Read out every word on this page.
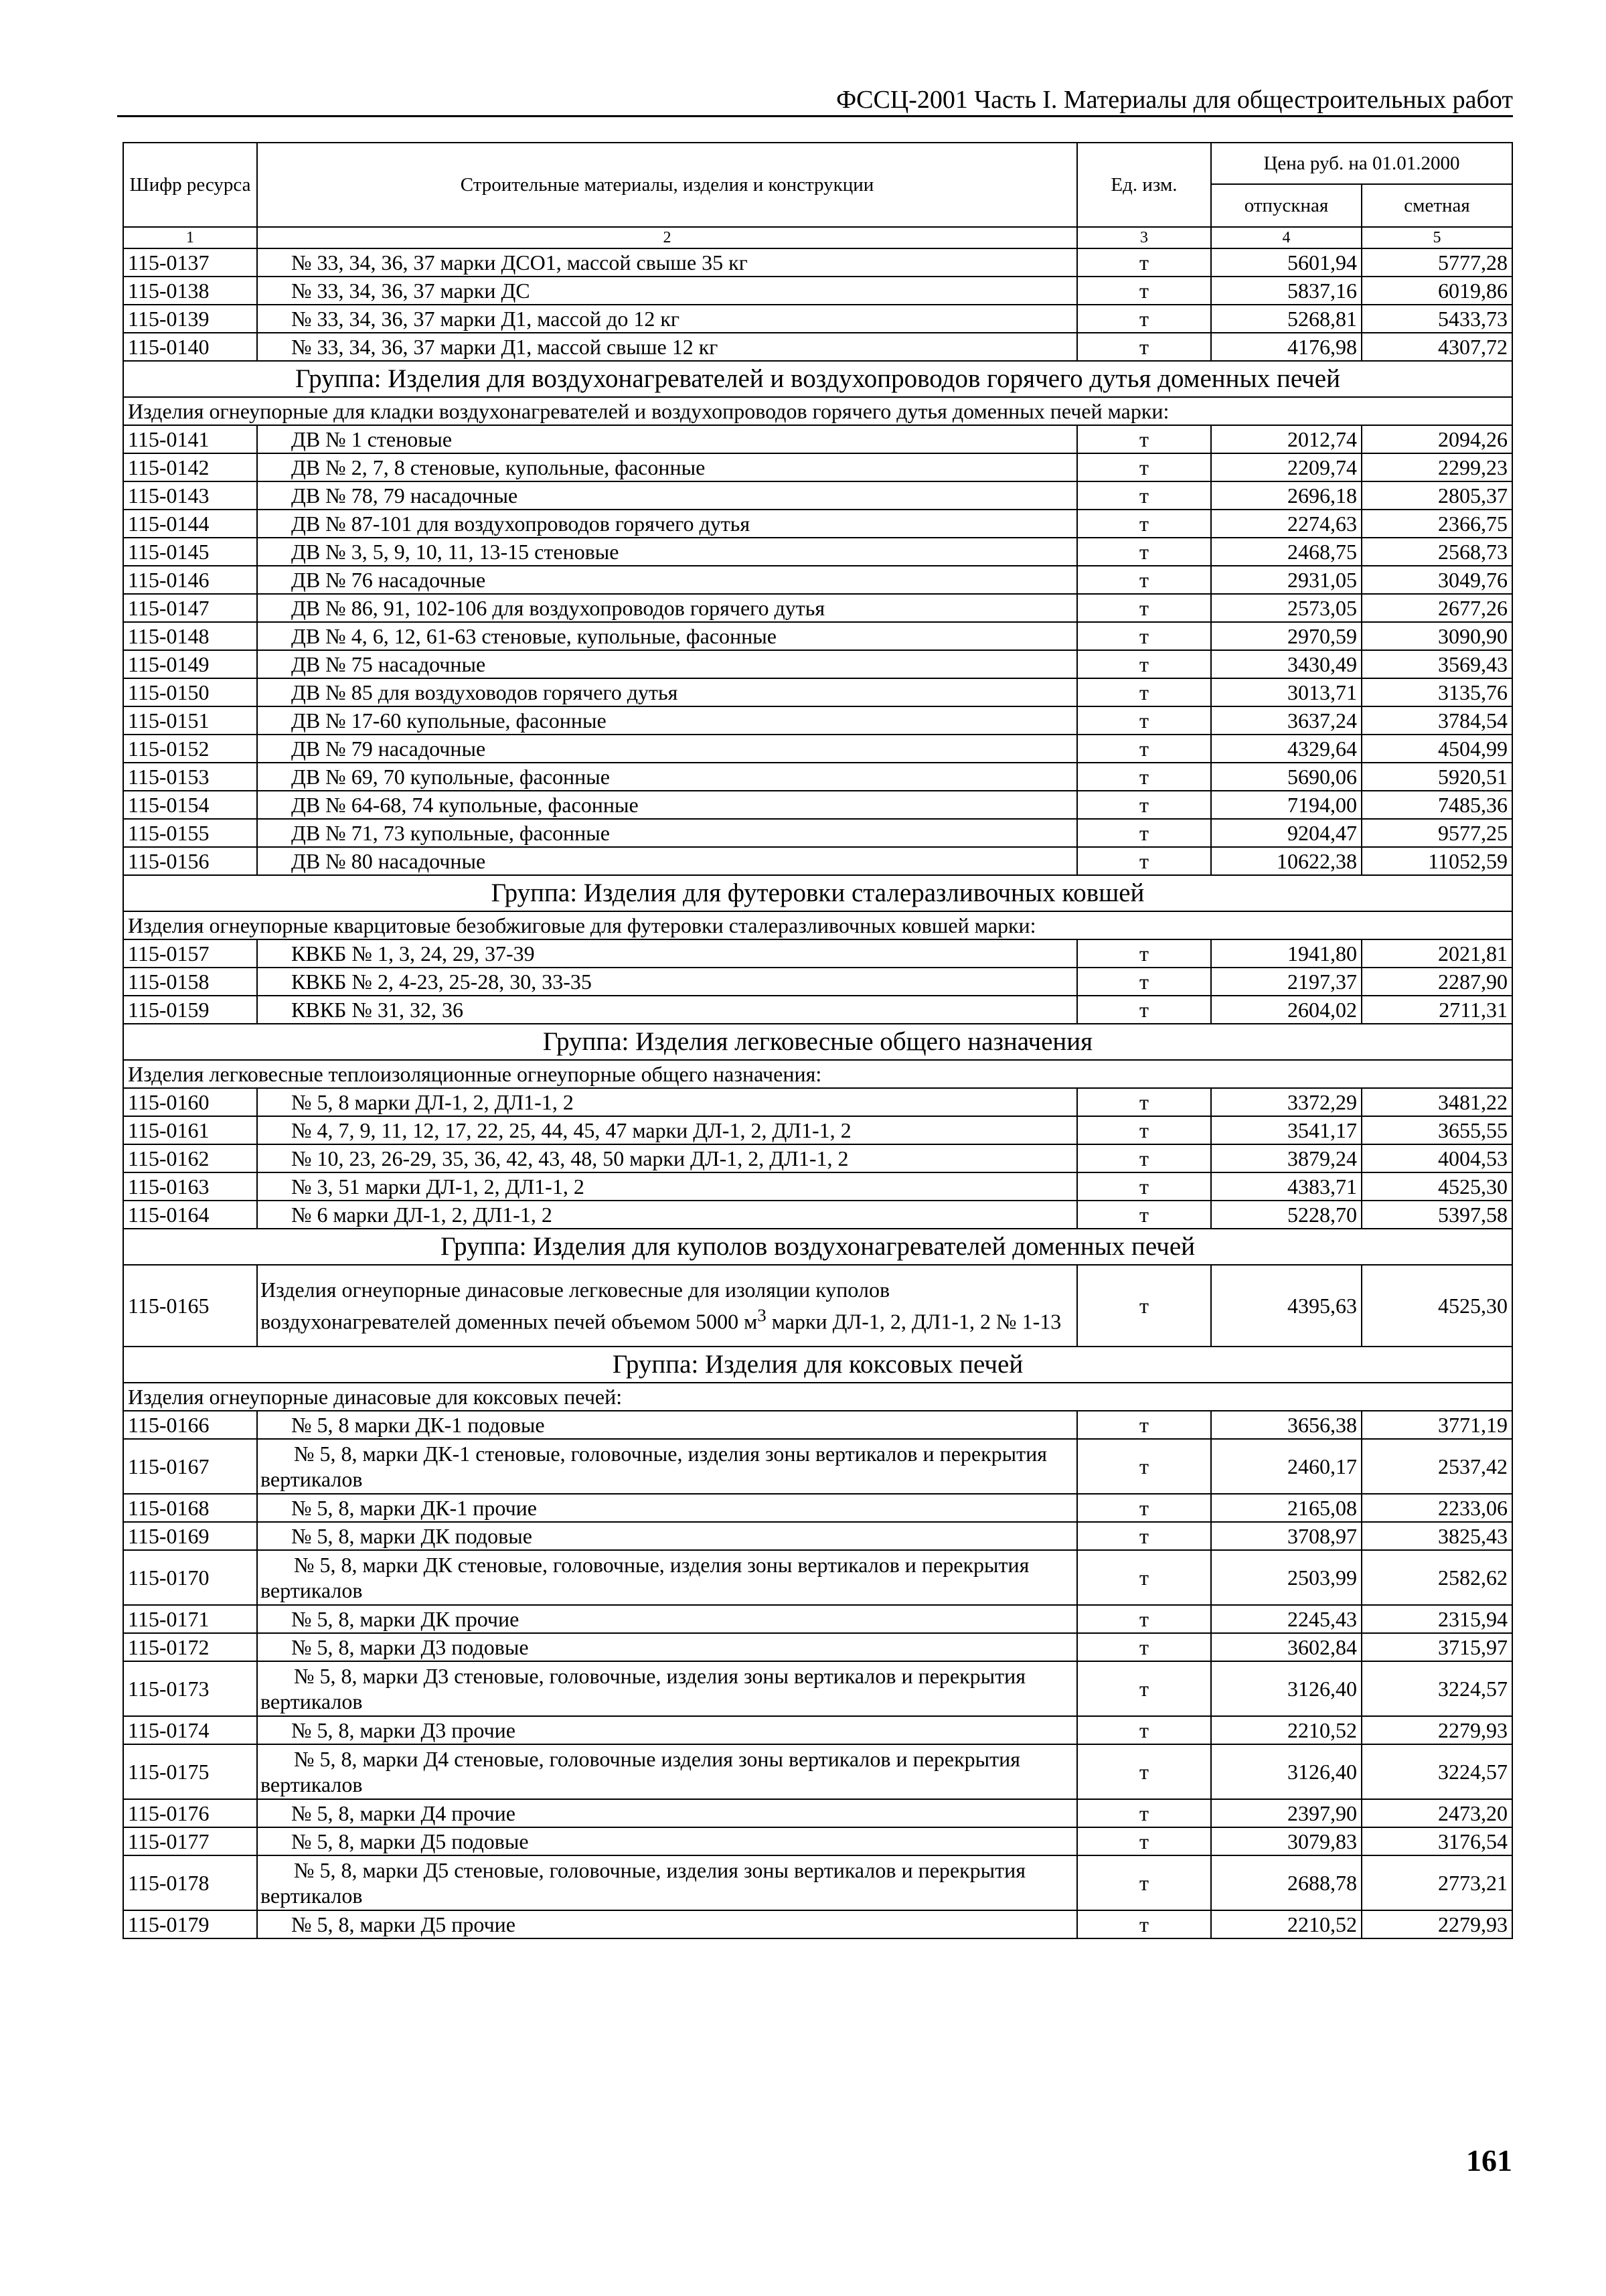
ФССЦ-2001 Часть I. Материалы для общестроительных работ
Шифр ресурса	Строительные материалы, изделия и конструкции	Ед. изм.	Цена руб. на 01.01.2000	
			отпускная	сметная
1	2	3	4	5
115-0137	№ 33, 34, 36, 37 марки ДСО1, массой свыше 35 кг	т	5601,94	5777,28
115-0138	№ 33, 34, 36, 37 марки ДС	т	5837,16	6019,86
115-0139	№ 33, 34, 36, 37 марки Д1, массой до 12 кг	т	5268,81	5433,73
115-0140	№ 33, 34, 36, 37 марки Д1, массой свыше 12 кг	т	4176,98	4307,72
Группа: Изделия для воздухонагревателей и воздухопроводов горячего дутья доменных печей				
Изделия огнеупорные для кладки воздухонагревателей и воздухопроводов горячего дутья доменных печей марки:				
115-0141	ДВ № 1 стеновые	т	2012,74	2094,26
115-0142	ДВ № 2, 7, 8 стеновые, купольные, фасонные	т	2209,74	2299,23
115-0143	ДВ № 78, 79 насадочные	т	2696,18	2805,37
115-0144	ДВ № 87-101 для воздухопроводов горячего дутья	т	2274,63	2366,75
115-0145	ДВ № 3, 5, 9, 10, 11, 13-15 стеновые	т	2468,75	2568,73
115-0146	ДВ № 76 насадочные	т	2931,05	3049,76
115-0147	ДВ № 86, 91, 102-106 для воздухопроводов горячего дутья	т	2573,05	2677,26
115-0148	ДВ № 4, 6, 12, 61-63 стеновые, купольные, фасонные	т	2970,59	3090,90
115-0149	ДВ № 75 насадочные	т	3430,49	3569,43
115-0150	ДВ № 85 для воздуховодов горячего дутья	т	3013,71	3135,76
115-0151	ДВ № 17-60 купольные, фасонные	т	3637,24	3784,54
115-0152	ДВ № 79 насадочные	т	4329,64	4504,99
115-0153	ДВ № 69, 70 купольные, фасонные	т	5690,06	5920,51
115-0154	ДВ № 64-68, 74 купольные, фасонные	т	7194,00	7485,36
115-0155	ДВ № 71, 73 купольные, фасонные	т	9204,47	9577,25
115-0156	ДВ № 80 насадочные	т	10622,38	11052,59
Группа: Изделия для футеровки сталеразливочных ковшей				
Изделия огнеупорные кварцитовые безобжиговые для футеровки сталеразливочных ковшей марки:				
115-0157	КВКБ № 1, 3, 24, 29, 37-39	т	1941,80	2021,81
115-0158	КВКБ № 2, 4-23, 25-28, 30, 33-35	т	2197,37	2287,90
115-0159	КВКБ № 31, 32, 36	т	2604,02	2711,31
Группа: Изделия легковесные общего назначения				
Изделия легковесные теплоизоляционные огнеупорные общего назначения:				
115-0160	№ 5, 8 марки ДЛ-1, 2, ДЛ1-1, 2	т	3372,29	3481,22
115-0161	№ 4, 7, 9, 11, 12, 17, 22, 25, 44, 45, 47 марки ДЛ-1, 2, ДЛ1-1, 2	т	3541,17	3655,55
115-0162	№ 10, 23, 26-29, 35, 36, 42, 43, 48, 50 марки ДЛ-1, 2, ДЛ1-1, 2	т	3879,24	4004,53
115-0163	№ 3, 51 марки ДЛ-1, 2, ДЛ1-1, 2	т	4383,71	4525,30
115-0164	№ 6 марки ДЛ-1, 2, ДЛ1-1, 2	т	5228,70	5397,58
Группа: Изделия для куполов воздухонагревателей доменных печей				
115-0165	Изделия огнеупорные динасовые легковесные для изоляции куполов воздухонагревателей доменных печей объемом 5000 $м^3$ марки ДЛ-1, 2, ДЛ1-1, 2 № 1-13	т	4395,63	4525,30
Группа: Изделия для коксовых печей				
Изделия огнеупорные динасовые для коксовых печей:				
115-0166	№ 5, 8 марки ДК-1 подовые	т	3656,38	3771,19
115-0167	№ 5, 8, марки ДК-1 стеновые, головочные, изделия зоны вертикалов и перекрытия вертикалов	т	2460,17	2537,42
115-0168	№ 5, 8, марки ДК-1 прочие	т	2165,08	2233,06
115-0169	№ 5, 8, марки ДК подовые	т	3708,97	3825,43
115-0170	№ 5, 8, марки ДК стеновые, головочные, изделия зоны вертикалов и перекрытия вертикалов	т	2503,99	2582,62
115-0171	№ 5, 8, марки ДК прочие	т	2245,43	2315,94
115-0172	№ 5, 8, марки Д3 подовые	т	3602,84	3715,97
115-0173	№ 5, 8, марки Д3 стеновые, головочные, изделия зоны вертикалов и перекрытия вертикалов	т	3126,40	3224,57
115-0174	№ 5, 8, марки Д3 прочие	т	2210,52	2279,93
115-0175	№ 5, 8, марки Д4 стеновые, головочные изделия зоны вертикалов и перекрытия вертикалов	т	3126,40	3224,57
115-0176	№ 5, 8, марки Д4 прочие	т	2397,90	2473,20
115-0177	№ 5, 8, марки Д5 подовые	т	3079,83	3176,54
115-0178	№ 5, 8, марки Д5 стеновые, головочные, изделия зоны вертикалов и перекрытия вертикалов	т	2688,78	2773,21
115-0179	№ 5, 8, марки Д5 прочие	т	2210,52	2279,93
161
